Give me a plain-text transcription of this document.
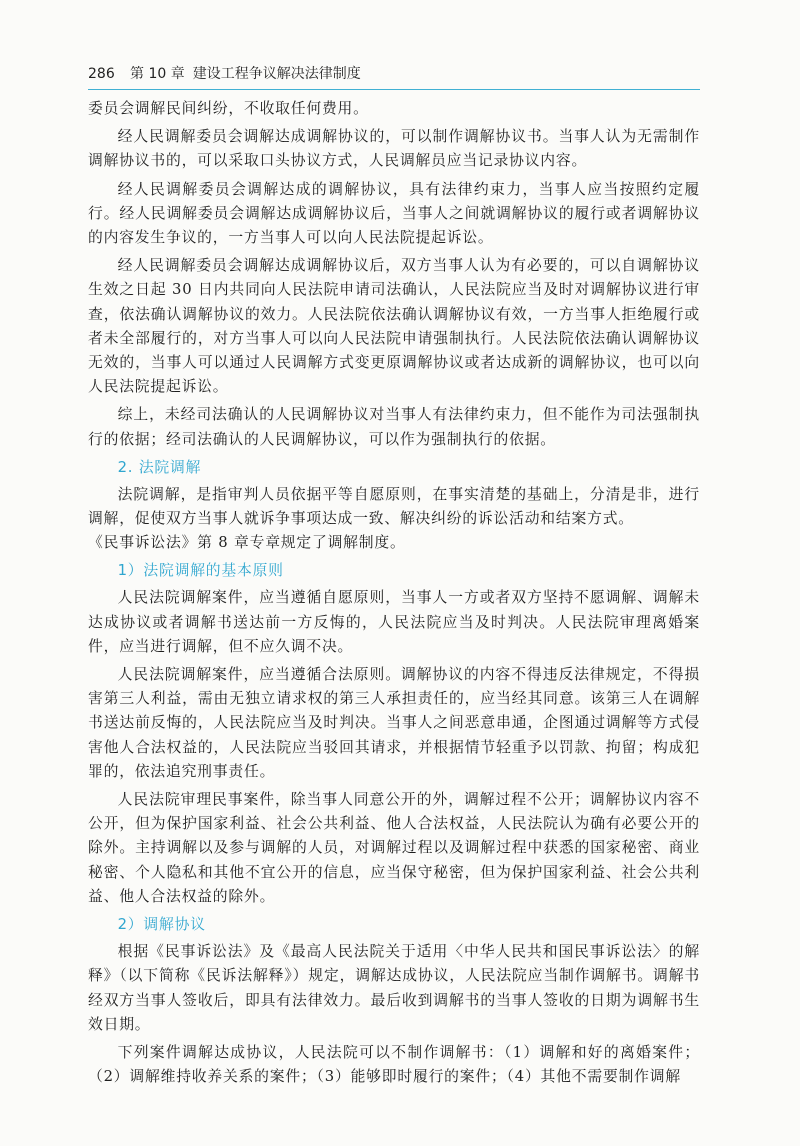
286 第 10 章 建设工程争议解决法律制度

委员会调解民间纠纷，不收取任何费用。

经人民调解委员会调解达成调解协议的，可以制作调解协议书。当事人认为无需制作调解协议书的，可以采取口头协议方式，人民调解员应当记录协议内容。

经人民调解委员会调解达成的调解协议，具有法律约束力，当事人应当按照约定履行。经人民调解委员会调解达成调解协议后，当事人之间就调解协议的履行或者调解协议的内容发生争议的，一方当事人可以向人民法院提起诉讼。

经人民调解委员会调解达成调解协议后，双方当事人认为有必要的，可以自调解协议生效之日起 30 日内共同向人民法院申请司法确认，人民法院应当及时对调解协议进行审查，依法确认调解协议的效力。人民法院依法确认调解协议有效，一方当事人拒绝履行或者未全部履行的，对方当事人可以向人民法院申请强制执行。人民法院依法确认调解协议无效的，当事人可以通过人民调解方式变更原调解协议或者达成新的调解协议，也可以向人民法院提起诉讼。

综上，未经司法确认的人民调解协议对当事人有法律约束力，但不能作为司法强制执行的依据；经司法确认的人民调解协议，可以作为强制执行的依据。

2. 法院调解

法院调解，是指审判人员依据平等自愿原则，在事实清楚的基础上，分清是非，进行调解，促使双方当事人就诉争事项达成一致、解决纠纷的诉讼活动和结案方式。

《民事诉讼法》第 8 章专章规定了调解制度。

1）法院调解的基本原则

人民法院调解案件，应当遵循自愿原则，当事人一方或者双方坚持不愿调解、调解未达成协议或者调解书送达前一方反悔的，人民法院应当及时判决。人民法院审理离婚案件，应当进行调解，但不应久调不决。

人民法院调解案件，应当遵循合法原则。调解协议的内容不得违反法律规定，不得损害第三人利益，需由无独立请求权的第三人承担责任的，应当经其同意。该第三人在调解书送达前反悔的，人民法院应当及时判决。当事人之间恶意串通，企图通过调解等方式侵害他人合法权益的，人民法院应当驳回其请求，并根据情节轻重予以罚款、拘留；构成犯罪的，依法追究刑事责任。

人民法院审理民事案件，除当事人同意公开的外，调解过程不公开；调解协议内容不公开，但为保护国家利益、社会公共利益、他人合法权益，人民法院认为确有必要公开的除外。主持调解以及参与调解的人员，对调解过程以及调解过程中获悉的国家秘密、商业秘密、个人隐私和其他不宜公开的信息，应当保守秘密，但为保护国家利益、社会公共利益、他人合法权益的除外。

2）调解协议

根据《民事诉讼法》及《最高人民法院关于适用〈中华人民共和国民事诉讼法〉的解释》（以下简称《民诉法解释》）规定，调解达成协议，人民法院应当制作调解书。调解书经双方当事人签收后，即具有法律效力。最后收到调解书的当事人签收的日期为调解书生效日期。

下列案件调解达成协议，人民法院可以不制作调解书：（1）调解和好的离婚案件；（2）调解维持收养关系的案件；（3）能够即时履行的案件；（4）其他不需要制作调解
